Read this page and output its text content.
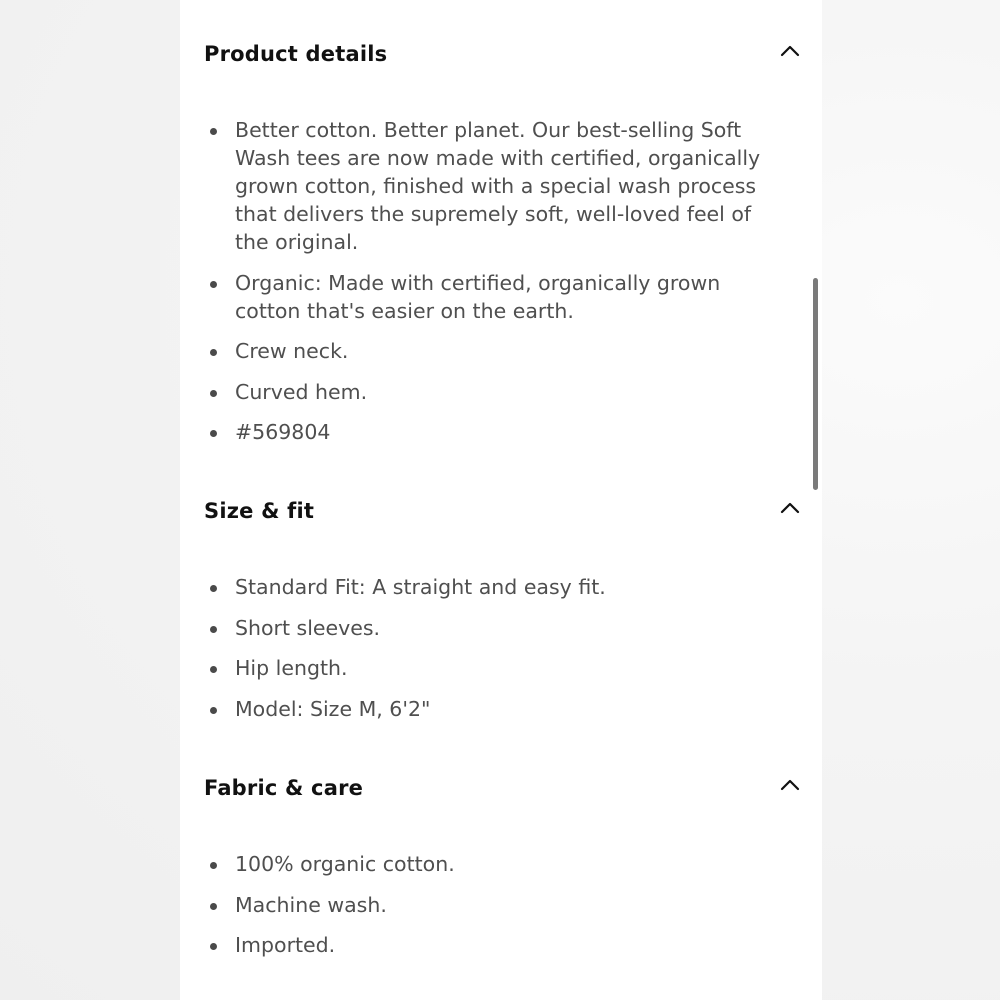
Product details
Better cotton. Better planet. Our best-selling Soft Wash tees are now made with certified, organically grown cotton, finished with a special wash process that delivers the supremely soft, well-loved feel of the original.
Organic: Made with certified, organically grown cotton that's easier on the earth.
Crew neck.
Curved hem.
#569804
Size & fit
Standard Fit: A straight and easy fit.
Short sleeves.
Hip length.
Model: Size M, 6'2"
Fabric & care
100% organic cotton.
Machine wash.
Imported.
